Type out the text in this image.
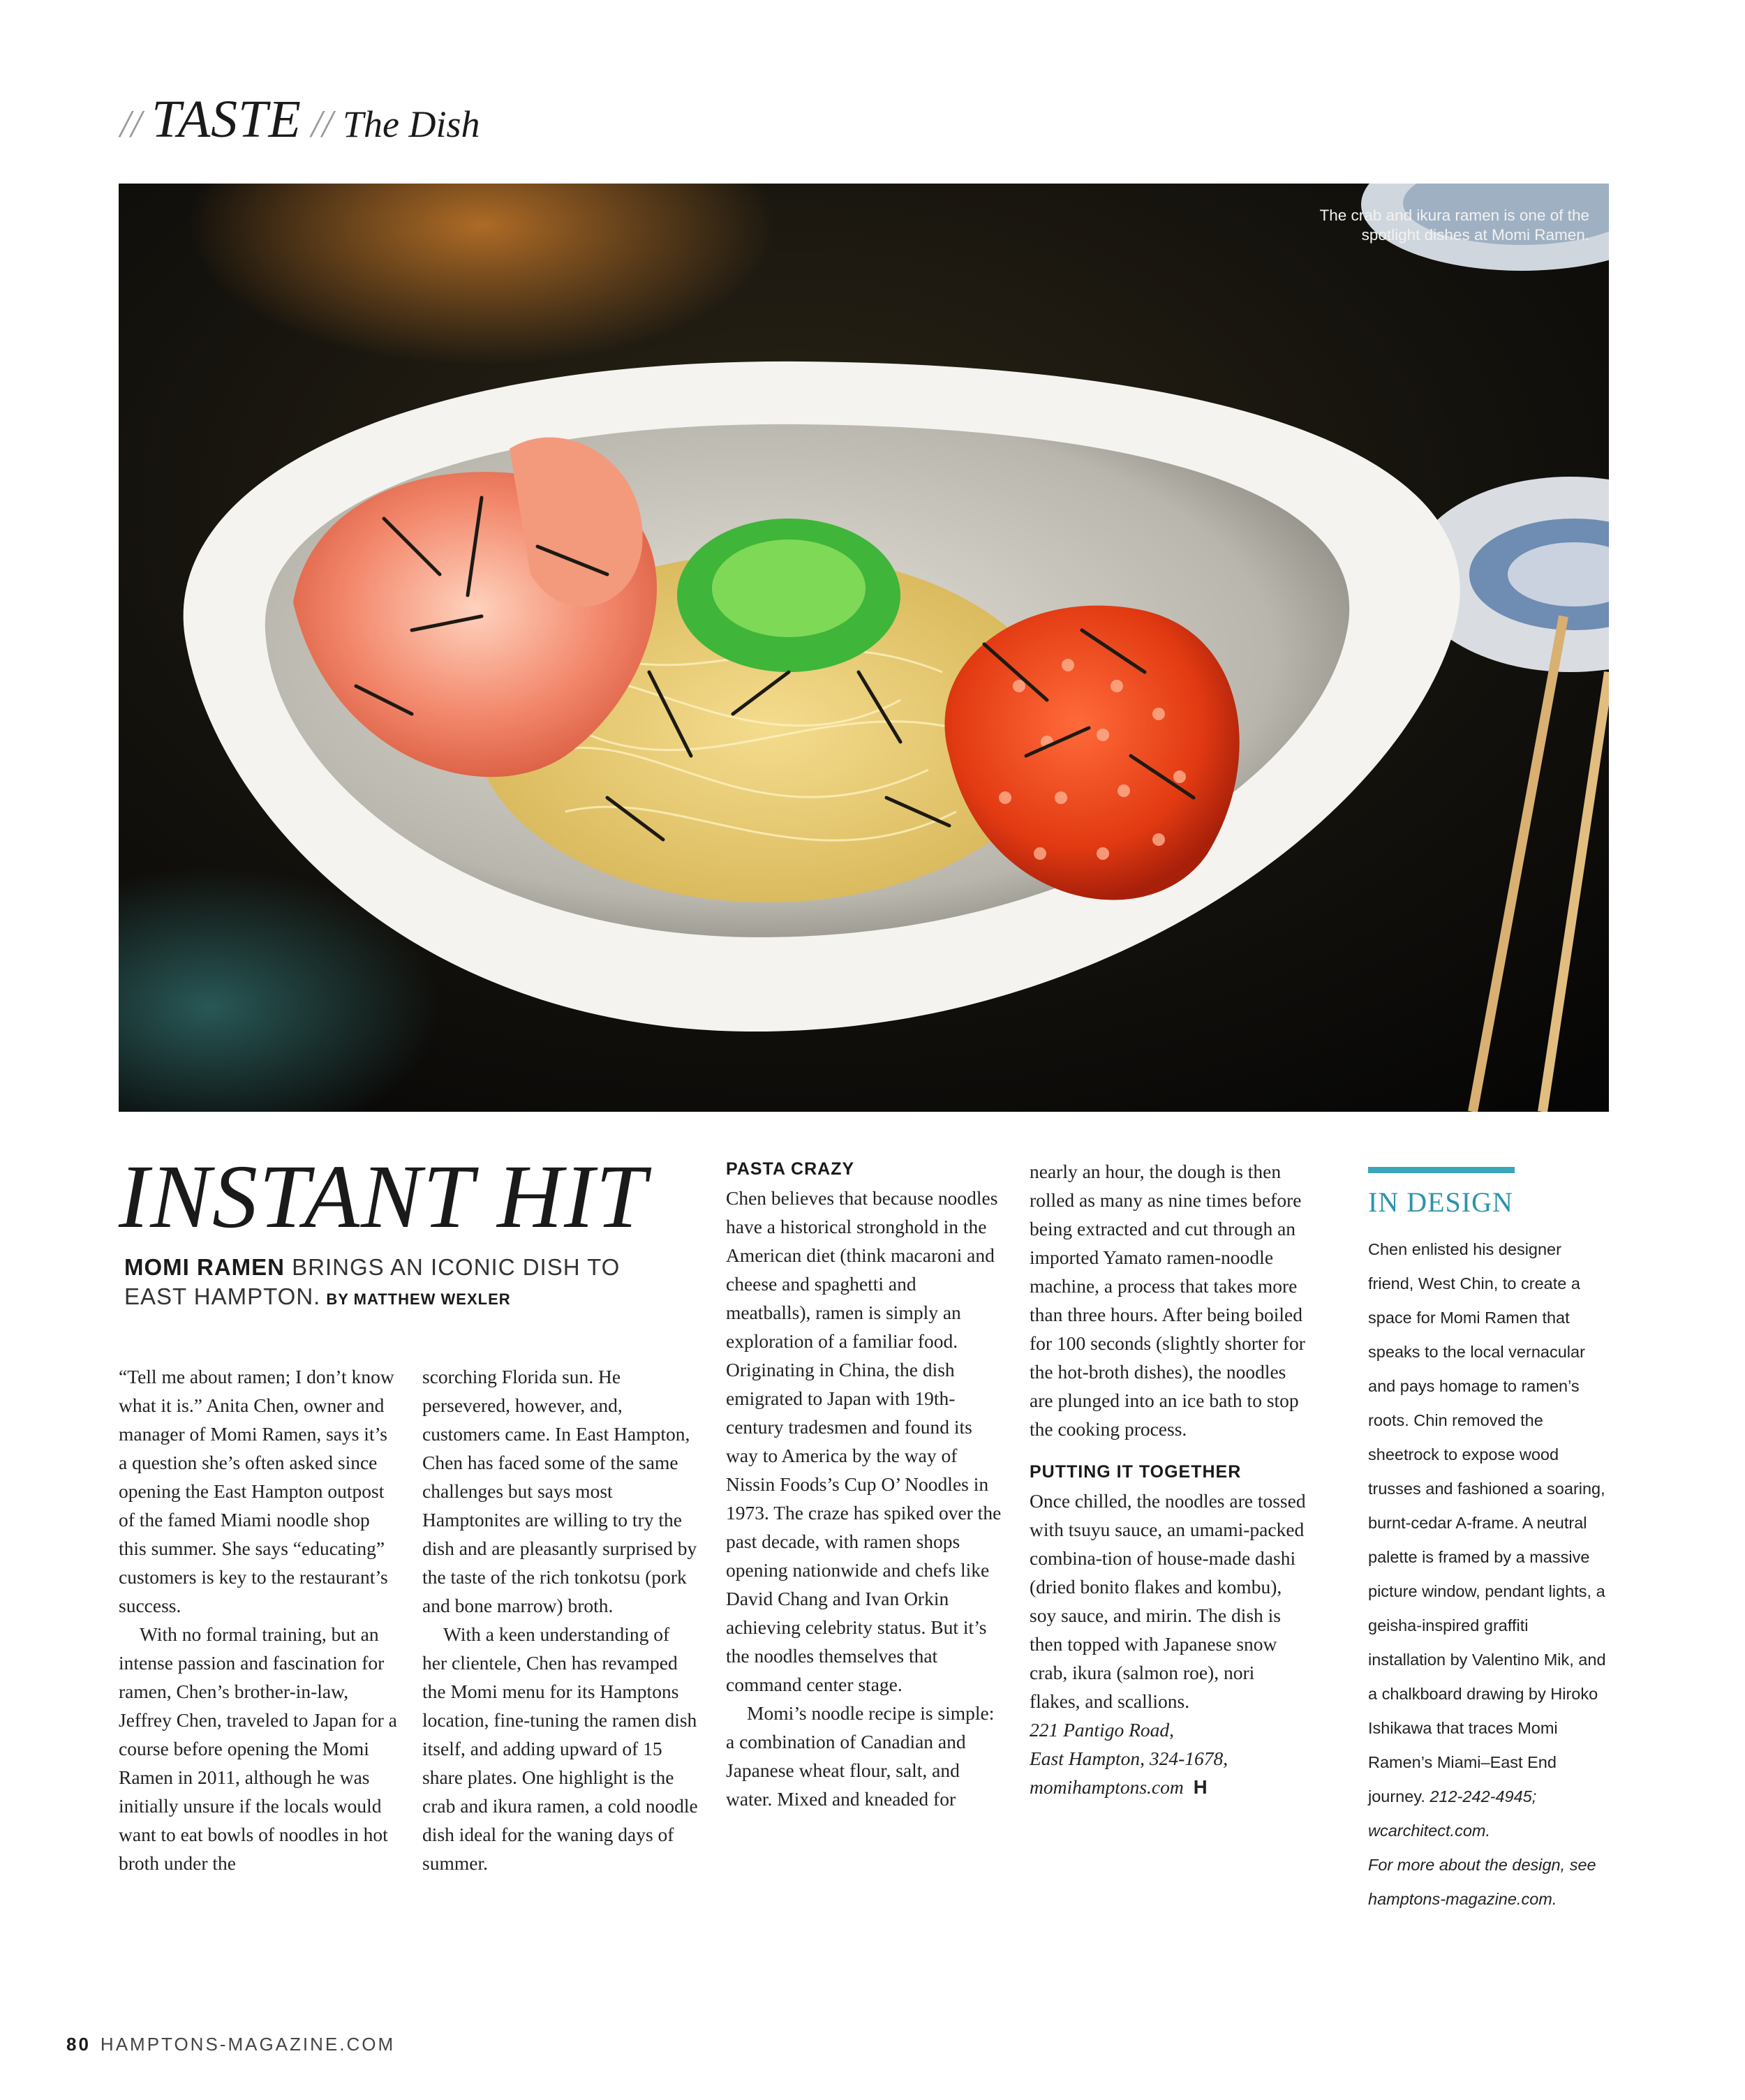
// TASTE // The Dish
The crab and ikura ramen is one of the spotlight dishes at Momi Ramen.
INSTANT HIT
MOMI RAMEN BRINGS AN ICONIC DISH TO EAST HAMPTON. BY MATTHEW WEXLER

“Tell me about ramen; I don’t know what it is.” Anita Chen, owner and manager of Momi Ramen, says it’s a question she’s often asked since opening the East Hampton outpost of the famed Miami noodle shop this summer. She says “educating” customers is key to the restaurant’s success.

With no formal training, but an intense passion and fascination for ramen, Chen’s brother-in-law, Jeffrey Chen, traveled to Japan for a course before opening the Momi Ramen in 2011, although he was initially unsure if the locals would want to eat bowls of noodles in hot broth under the

scorching Florida sun. He persevered, however, and, customers came. In East Hampton, Chen has faced some of the same challenges but says most Hamptonites are willing to try the dish and are pleasantly surprised by the taste of the rich tonkotsu (pork and bone marrow) broth.

With a keen understanding of her clientele, Chen has revamped the Momi menu for its Hamptons location, fine-tuning the ramen dish itself, and adding upward of 15 share plates. One highlight is the crab and ikura ramen, a cold noodle dish ideal for the waning days of summer.

PASTA CRAZY

Chen believes that because noodles have a historical stronghold in the American diet (think macaroni and cheese and spaghetti and meatballs), ramen is simply an exploration of a familiar food. Originating in China, the dish emigrated to Japan with 19th-century tradesmen and found its way to America by the way of Nissin Foods’s Cup O’ Noodles in 1973. The craze has spiked over the past decade, with ramen shops opening nationwide and chefs like David Chang and Ivan Orkin achieving celebrity status. But it’s the noodles themselves that command center stage.

Momi’s noodle recipe is simple: a combination of Canadian and Japanese wheat flour, salt, and water. Mixed and kneaded for

nearly an hour, the dough is then rolled as many as nine times before being extracted and cut through an imported Yamato ramen-noodle machine, a process that takes more than three hours. After being boiled for 100 seconds (slightly shorter for the hot-broth dishes), the noodles are plunged into an ice bath to stop the cooking process.

PUTTING IT TOGETHER

Once chilled, the noodles are tossed with tsuyu sauce, an umami-packed combina-tion of house-made dashi (dried bonito flakes and kombu), soy sauce, and mirin. The dish is then topped with Japanese snow crab, ikura (salmon roe), nori flakes, and scallions.

221 Pantigo Road,
East Hampton, 324-1678,
momihamptons.com H
IN DESIGN
Chen enlisted his designer friend, West Chin, to create a space for Momi Ramen that speaks to the local vernacular and pays homage to ramen’s roots. Chin removed the sheetrock to expose wood trusses and fashioned a soaring, burnt-cedar A-frame. A neutral palette is framed by a massive picture window, pendant lights, a geisha-inspired graffiti installation by Valentino Mik, and a chalkboard drawing by Hiroko Ishikawa that traces Momi Ramen’s Miami–East End journey. 212-242-4945; wcarchitect.com.
For more about the design, see hamptons-magazine.com.
80 HAMPTONS-MAGAZINE.COM
